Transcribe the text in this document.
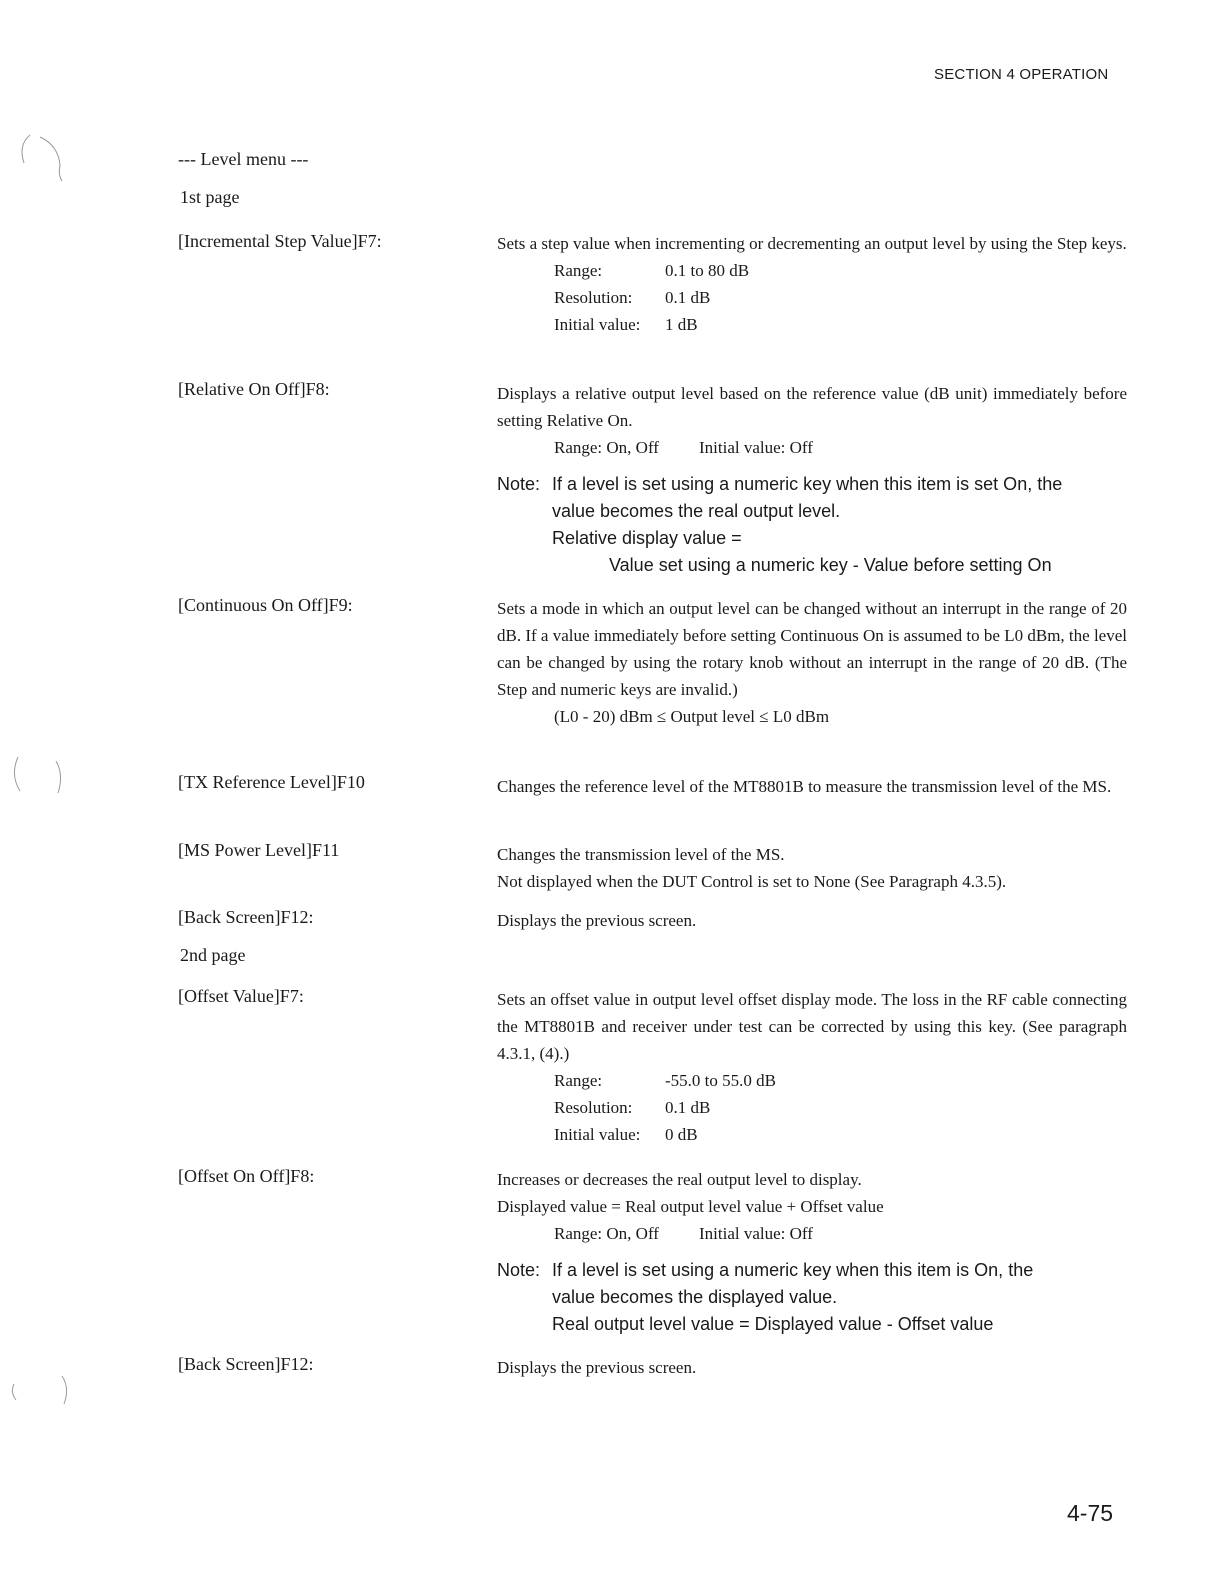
SECTION 4 OPERATION
--- Level menu ---
1st page
[Incremental Step Value]F7:	Sets a step value when incrementing or decrementing an output level by using the Step keys.

Range:	0.1 to 80 dB
Resolution:	0.1 dB
Initial value:	1 dB
[Relative On Off]F8:	Displays a relative output level based on the reference value (dB unit) immediately before setting Relative On.

Range: On, Off Initial value: Off
Note: If a level is set using a numeric key when this item is set On, the
value becomes the real output level.
Relative display value =
Value set using a numeric key - Value before setting On
[Continuous On Off]F9:	Sets a mode in which an output level can be changed without an interrupt in the range of 20 dB. If a value immediately before setting Continuous On is assumed to be L0 dBm, the level can be changed by using the rotary knob without an interrupt in the range of 20 dB. (The Step and numeric keys are invalid.)

(L0 - 20) dBm ≤ Output level ≤ L0 dBm
[TX Reference Level]F10	Changes the reference level of the MT8801B to measure the transmission level of the MS.

[MS Power Level]F11	Changes the transmission level of the MS.

Not displayed when the DUT Control is set to None (See Paragraph 4.3.5).

[Back Screen]F12:	Displays the previous screen.

2nd page
[Offset Value]F7:	Sets an offset value in output level offset display mode. The loss in the RF cable connecting the MT8801B and receiver under test can be corrected by using this key. (See paragraph 4.3.1, (4).)

Range:	-55.0 to 55.0 dB
Resolution:	0.1 dB
Initial value:	0 dB
[Offset On Off]F8:	Increases or decreases the real output level to display.

Displayed value = Real output level value + Offset value

Range: On, Off Initial value: Off
Note: If a level is set using a numeric key when this item is On, the
value becomes the displayed value.
Real output level value = Displayed value - Offset value
[Back Screen]F12:	Displays the previous screen.

4-75
